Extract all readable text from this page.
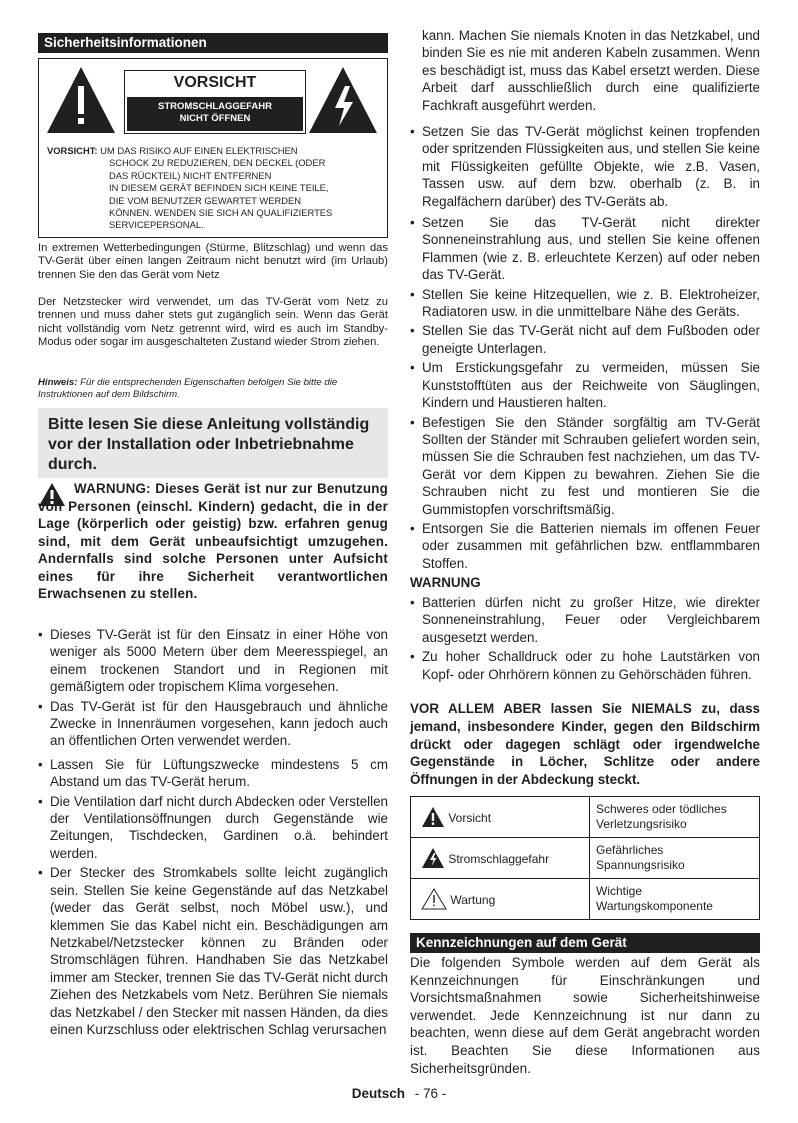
Sicherheitsinformationen
VORSICHT
STROMSCHLAGGEFAHR
NICHT ÖFFNEN
VORSICHT: UM DAS RISIKO AUF EINEN ELEKTRISCHEN
SCHOCK ZU REDUZIEREN, DEN DECKEL (ODER
DAS RÜCKTEIL) NICHT ENTFERNEN
IN DIESEM GERÄT BEFINDEN SICH KEINE TEILE,
DIE VOM BENUTZER GEWARTET WERDEN
KÖNNEN. WENDEN SIE SICH AN QUALIFIZIERTES
SERVICEPERSONAL.
In extremen Wetterbedingungen (Stürme, Blitzschlag) und wenn das TV-Gerät über einen langen Zeitraum nicht benutzt wird (im Urlaub) trennen Sie den das Gerät vom Netz
Der Netzstecker wird verwendet, um das TV-Gerät vom Netz zu trennen und muss daher stets gut zugänglich sein. Wenn das Gerät nicht vollständig vom Netz getrennt wird, wird es auch im Standby-Modus oder sogar im ausgeschalteten Zustand wieder Strom ziehen.
Hinweis: Für die entsprechenden Eigenschaften befolgen Sie bitte die Instruktionen auf dem Bildschirm.
Bitte lesen Sie diese Anleitung vollständig vor der Installation oder Inbetriebnahme durch.
WARNUNG: Dieses Gerät ist nur zur Benutzung von Personen (einschl. Kindern) gedacht, die in der Lage (körperlich oder geistig) bzw. erfahren genug sind, mit dem Gerät unbeaufsichtigt umzugehen. Andernfalls sind solche Personen unter Aufsicht eines für ihre Sicherheit verantwortlichen Erwachsenen zu stellen.
• Dieses TV-Gerät ist für den Einsatz in einer Höhe von weniger als 5000 Metern über dem Meeresspiegel, an einem trockenen Standort und in Regionen mit gemäßigtem oder tropischem Klima vorgesehen.
• Das TV-Gerät ist für den Hausgebrauch und ähnliche Zwecke in Innenräumen vorgesehen, kann jedoch auch an öffentlichen Orten verwendet werden.
• Lassen Sie für Lüftungszwecke mindestens 5 cm Abstand um das TV-Gerät herum.
• Die Ventilation darf nicht durch Abdecken oder Verstellen der Ventilationsöffnungen durch Gegenstände wie Zeitungen, Tischdecken, Gardinen o.ä. behindert werden.
• Der Stecker des Stromkabels sollte leicht zugänglich sein. Stellen Sie keine Gegenstände auf das Netzkabel (weder das Gerät selbst, noch Möbel usw.), und klemmen Sie das Kabel nicht ein. Beschädigungen am Netzkabel/Netzstecker können zu Bränden oder Stromschlägen führen. Handhaben Sie das Netzkabel immer am Stecker, trennen Sie das TV-Gerät nicht durch Ziehen des Netzkabels vom Netz. Berühren Sie niemals das Netzkabel / den Stecker mit nassen Händen, da dies einen Kurzschluss oder elektrischen Schlag verursachen
kann. Machen Sie niemals Knoten in das Netzkabel, und binden Sie es nie mit anderen Kabeln zusammen. Wenn es beschädigt ist, muss das Kabel ersetzt werden. Diese Arbeit darf ausschließlich durch eine qualifizierte Fachkraft ausgeführt werden.
• Setzen Sie das TV-Gerät möglichst keinen tropfenden oder spritzenden Flüssigkeiten aus, und stellen Sie keine mit Flüssigkeiten gefüllte Objekte, wie z.B. Vasen, Tassen usw. auf dem bzw. oberhalb (z. B. in Regalfächern darüber) des TV-Geräts ab.
• Setzen Sie das TV-Gerät nicht direkter Sonneneinstrahlung aus, und stellen Sie keine offenen Flammen (wie z. B. erleuchtete Kerzen) auf oder neben das TV-Gerät.
• Stellen Sie keine Hitzequellen, wie z. B. Elektroheizer, Radiatoren usw. in die unmittelbare Nähe des Geräts.
• Stellen Sie das TV-Gerät nicht auf dem Fußboden oder geneigte Unterlagen.
• Um Erstickungsgefahr zu vermeiden, müssen Sie Kunststofftüten aus der Reichweite von Säuglingen, Kindern und Haustieren halten.
• Befestigen Sie den Ständer sorgfältig am TV-Gerät Sollten der Ständer mit Schrauben geliefert worden sein, müssen Sie die Schrauben fest nachziehen, um das TV-Gerät vor dem Kippen zu bewahren. Ziehen Sie die Schrauben nicht zu fest und montieren Sie die Gummistopfen vorschriftsmäßig.
• Entsorgen Sie die Batterien niemals im offenen Feuer oder zusammen mit gefährlichen bzw. entflammbaren Stoffen.
WARNUNG
• Batterien dürfen nicht zu großer Hitze, wie direkter Sonneneinstrahlung, Feuer oder Vergleichbarem ausgesetzt werden.
• Zu hoher Schalldruck oder zu hohe Lautstärken von Kopf- oder Ohrhörern können zu Gehörschäden führen.
VOR ALLEM ABER lassen Sie NIEMALS zu, dass jemand, insbesondere Kinder, gegen den Bildschirm drückt oder dagegen schlägt oder irgendwelche Gegenstände in Löcher, Schlitze oder andere Öffnungen in der Abdeckung steckt.
Vorsicht	Schweres oder tödliches
Verletzungsrisiko

Stromschlaggefahr	Gefährliches
Spannungsrisiko

Wartung	Wichtige
Wartungskomponente
Kennzeichnungen auf dem Gerät
Die folgenden Symbole werden auf dem Gerät als Kennzeichnungen für Einschränkungen und Vorsichtsmaßnahmen sowie Sicherheitshinweise verwendet. Jede Kennzeichnung ist nur dann zu beachten, wenn diese auf dem Gerät angebracht worden ist. Beachten Sie diese Informationen aus Sicherheitsgründen.
Deutsch - 76 -
